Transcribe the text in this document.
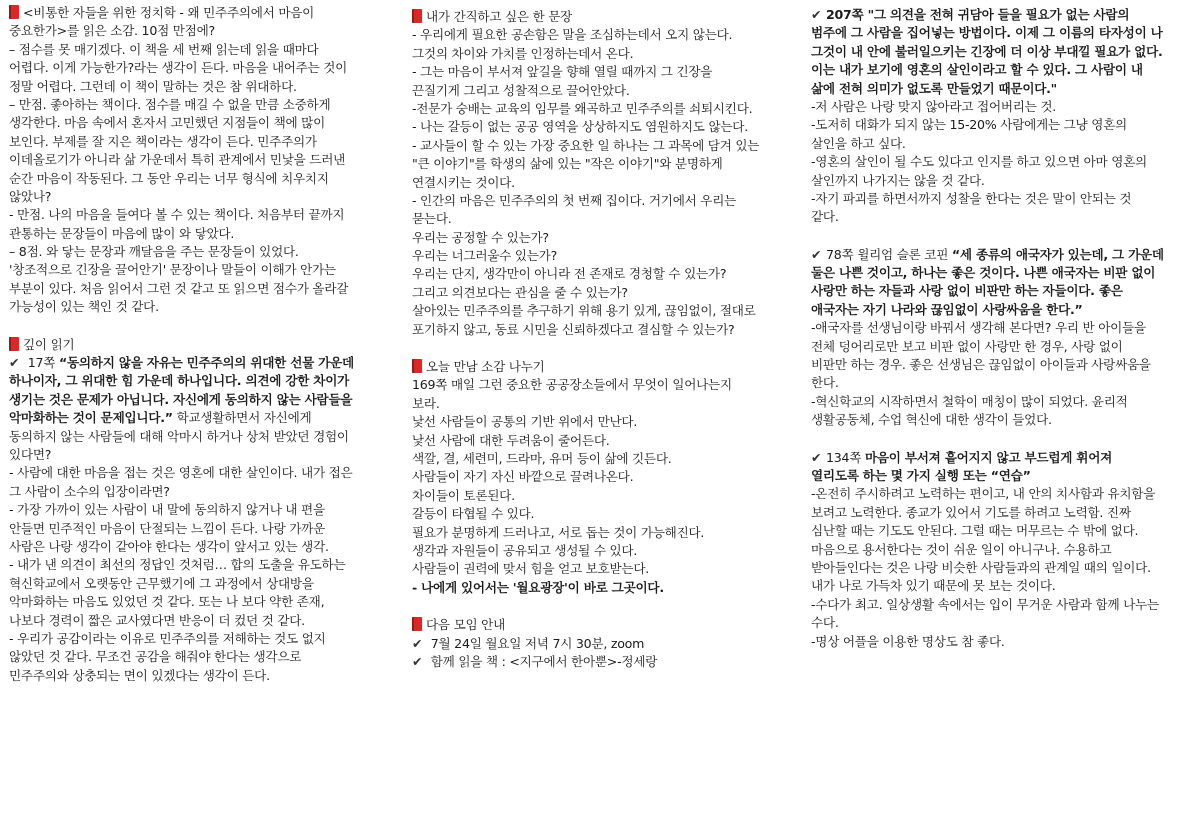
<비통한 자들을 위한 정치학 - 왜 민주주의에서 마음이
중요한가>를 읽은 소감. 10점 만점에?
– 점수를 못 매기겠다. 이 책을 세 번째 읽는데 읽을 때마다
어렵다. 이게 가능한가?라는 생각이 든다. 마음을 내어주는 것이
정말 어렵다. 그런데 이 책이 말하는 것은 참 위대하다.
– 만점. 좋아하는 책이다. 점수를 매길 수 없을 만큼 소중하게
생각한다. 마음 속에서 혼자서 고민했던 지점들이 책에 많이
보인다. 부제를 잘 지은 책이라는 생각이 든다. 민주주의가
이데올로기가 아니라 삶 가운데서 특히 관계에서 민낯을 드러낸
순간 마음이 작동된다. 그 동안 우리는 너무 형식에 치우치지
않았나?
- 만점. 나의 마음을 들여다 볼 수 있는 책이다. 처음부터 끝까지
관통하는 문장들이 마음에 많이 와 닿았다.
– 8점. 와 닿는 문장과 깨달음을 주는 문장들이 있었다.
'창조적으로 긴장을 끌어안기' 문장이나 말들이 이해가 안가는
부분이 있다. 처음 읽어서 그런 것 같고 또 읽으면 점수가 올라갈
가능성이 있는 책인 것 같다.
깊이 읽기
✔ 17쪽 “동의하지 않을 자유는 민주주의의 위대한 선물 가운데
하나이자, 그 위대한 힘 가운데 하나입니다. 의견에 강한 차이가
생기는 것은 문제가 아닙니다. 자신에게 동의하지 않는 사람들을
악마화하는 것이 문제입니다.” 학교생활하면서 자신에게
동의하지 않는 사람들에 대해 악마시 하거나 상처 받았던 경험이
있다면?
- 사람에 대한 마음을 접는 것은 영혼에 대한 살인이다. 내가 접은
그 사람이 소수의 입장이라면?
- 가장 가까이 있는 사람이 내 말에 동의하지 않거나 내 편을
안들면 민주적인 마음이 단절되는 느낌이 든다. 나랑 가까운
사람은 나랑 생각이 같아야 한다는 생각이 앞서고 있는 생각.
- 내가 낸 의견이 최선의 정답인 것처럼… 합의 도출을 유도하는
혁신학교에서 오랫동안 근무했기에 그 과정에서 상대방을
악마화하는 마음도 있었던 것 같다. 또는 나 보다 약한 존재,
나보다 경력이 짧은 교사였다면 반응이 더 컸던 것 같다.
- 우리가 공감이라는 이유로 민주주의를 저해하는 것도 없지
않았던 것 같다. 무조건 공감을 해줘야 한다는 생각으로
민주주의와 상충되는 면이 있겠다는 생각이 든다.
내가 간직하고 싶은 한 문장
- 우리에게 필요한 공손함은 말을 조심하는데서 오지 않는다.
그것의 차이와 가치를 인정하는데서 온다.
- 그는 마음이 부서져 앞길을 향해 열릴 때까지 그 긴장을
끈질기게 그리고 성찰적으로 끌어안았다.
-전문가 숭배는 교육의 임무를 왜곡하고 민주주의를 쇠퇴시킨다.
- 나는 갈등이 없는 공공 영역을 상상하지도 염원하지도 않는다.
- 교사들이 할 수 있는 가장 중요한 일 하나는 그 과목에 담겨 있는
"큰 이야기"를 학생의 삶에 있는 "작은 이야기"와 분명하게
연결시키는 것이다.
- 인간의 마음은 민주주의의 첫 번째 집이다. 거기에서 우리는
묻는다.
우리는 공정할 수 있는가?
우리는 너그러울수 있는가?
우리는 단지, 생각만이 아니라 전 존재로 경청할 수 있는가?
그리고 의견보다는 관심을 줄 수 있는가?
살아있는 민주주의를 추구하기 위해 용기 있게, 끊임없이, 절대로
포기하지 않고, 동료 시민을 신뢰하겠다고 결심할 수 있는가?
오늘 만남 소감 나누기
169쪽 매일 그런 중요한 공공장소들에서 무엇이 일어나는지
보라.
낯선 사람들이 공통의 기반 위에서 만난다.
낯선 사람에 대한 두려움이 줄어든다.
색깔, 결, 세련미, 드라마, 유머 등이 삶에 깃든다.
사람들이 자기 자신 바깥으로 끌려나온다.
차이들이 토론된다.
갈등이 타협될 수 있다.
필요가 분명하게 드러나고, 서로 돕는 것이 가능해진다.
생각과 자원들이 공유되고 생성될 수 있다.
사람들이 권력에 맞서 힘을 얻고 보호받는다.
- 나에게 있어서는 '월요광장'이 바로 그곳이다.
다음 모임 안내
✔ 7월 24일 월요일 저녁 7시 30분, zoom
✔ 함께 읽을 책 : <지구에서 한아뿐>-정세랑
✔ 207쪽 "그 의견을 전혀 귀담아 들을 필요가 없는 사람의
범주에 그 사람을 집어넣는 방법이다. 이제 그 이름의 타자성이 나
그것이 내 안에 불러일으키는 긴장에 더 이상 부대낄 필요가 없다.
이는 내가 보기에 영혼의 살인이라고 할 수 있다. 그 사람이 내
삶에 전혀 의미가 없도록 만들었기 때문이다."
-저 사람은 나랑 맞지 않아라고 접어버리는 것.
-도저히 대화가 되지 않는 15-20% 사람에게는 그냥 영혼의
살인을 하고 싶다.
-영혼의 살인이 될 수도 있다고 인지를 하고 있으면 아마 영혼의
살인까지 나가지는 않을 것 같다.
-자기 파괴를 하면서까지 성찰을 한다는 것은 말이 안되는 것
같다.
✔ 78쪽 윌리엄 슬론 코핀 “세 종류의 애국자가 있는데, 그 가운데
둘은 나쁜 것이고, 하나는 좋은 것이다. 나쁜 애국자는 비판 없이
사랑만 하는 자들과 사랑 없이 비판만 하는 자들이다. 좋은
애국자는 자기 나라와 끊임없이 사랑싸움을 한다.”
-애국자를 선생님이랑 바꿔서 생각해 본다면? 우리 반 아이들을
전체 덩어리로만 보고 비판 없이 사랑만 한 경우, 사랑 없이
비판만 하는 경우. 좋은 선생님은 끊임없이 아이들과 사랑싸움을
한다.
-혁신학교의 시작하면서 철학이 매칭이 많이 되었다. 윤리적
생활공동체, 수업 혁신에 대한 생각이 들었다.
✔ 134쪽 마음이 부서져 흩어지지 않고 부드럽게 휘어져
열리도록 하는 몇 가지 실행 또는 “연습”
-온전히 주시하려고 노력하는 편이고, 내 안의 치사함과 유치함을
보려고 노력한다. 종교가 있어서 기도를 하려고 노력함. 진짜
심난할 때는 기도도 안된다. 그럴 때는 머무르는 수 밖에 없다.
마음으로 용서한다는 것이 쉬운 일이 아니구나. 수용하고
받아들인다는 것은 나랑 비슷한 사람들과의 관계일 때의 일이다.
내가 나로 가득차 있기 때문에 못 보는 것이다.
-수다가 최고. 일상생활 속에서는 입이 무거운 사람과 함께 나누는
수다.
-명상 어플을 이용한 명상도 참 좋다.
